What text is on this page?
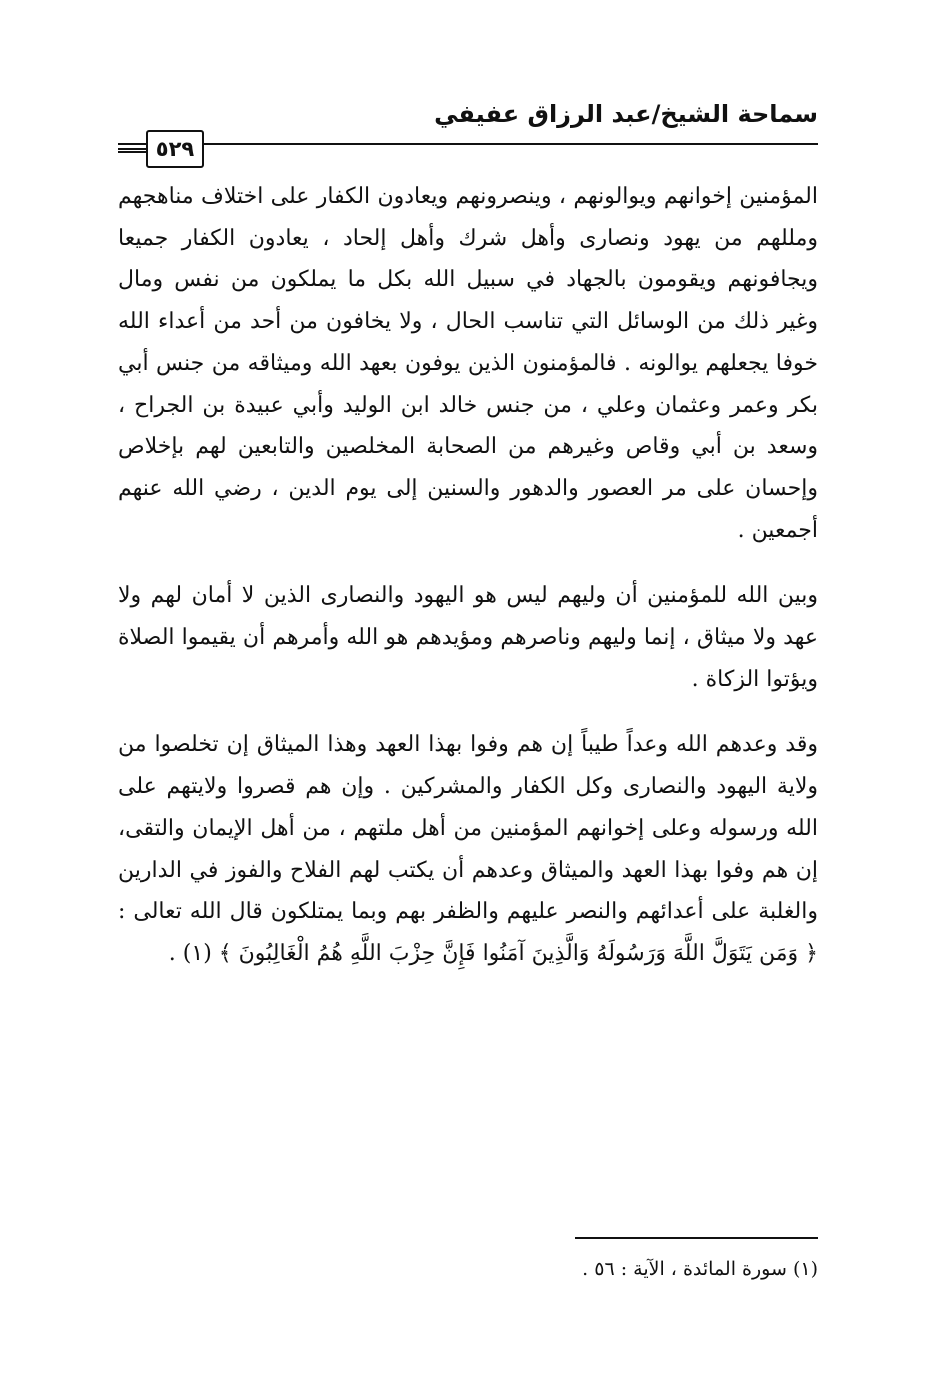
سماحة الشيخ/عبد الرزاق عفيفي
٥٢٩

المؤمنين إخوانهم ويوالونهم ، وينصرونهم ويعادون الكفار على اختلاف مناهجهم ومللهم من يهود ونصارى وأهل شرك وأهل إلحاد ، يعادون الكفار جميعا ويجافونهم ويقومون بالجهاد في سبيل الله بكل ما يملكون من نفس ومال وغير ذلك من الوسائل التي تناسب الحال ، ولا يخافون من أحد من أعداء الله خوفا يجعلهم يوالونه . فالمؤمنون الذين يوفون بعهد الله وميثاقه من جنس أبي بكر وعمر وعثمان وعلي ، من جنس خالد ابن الوليد وأبي عبيدة بن الجراح ، وسعد بن أبي وقاص وغيرهم من الصحابة المخلصين والتابعين لهم بإخلاص وإحسان على مر العصور والدهور والسنين إلى يوم الدين ، رضي الله عنهم أجمعين .

وبين الله للمؤمنين أن وليهم ليس هو اليهود والنصارى الذين لا أمان لهم ولا عهد ولا ميثاق ، إنما وليهم وناصرهم ومؤيدهم هو الله وأمرهم أن يقيموا الصلاة ويؤتوا الزكاة .

وقد وعدهم الله وعداً طيباً إن هم وفوا بهذا العهد وهذا الميثاق إن تخلصوا من ولاية اليهود والنصارى وكل الكفار والمشركين . وإن هم قصروا ولايتهم على الله ورسوله وعلى إخوانهم المؤمنين من أهل ملتهم ، من أهل الإيمان والتقى، إن هم وفوا بهذا العهد والميثاق وعدهم أن يكتب لهم الفلاح والفوز في الدارين والغلبة على أعدائهم والنصر عليهم والظفر بهم وبما يمتلكون قال الله تعالى : ﴿ وَمَن يَتَوَلَّ اللَّهَ وَرَسُولَهُ وَالَّذِينَ آمَنُوا فَإِنَّ حِزْبَ اللَّهِ هُمُ الْغَالِبُونَ ﴾ (١) .

(١) سورة المائدة ، الآية : ٥٦ .
